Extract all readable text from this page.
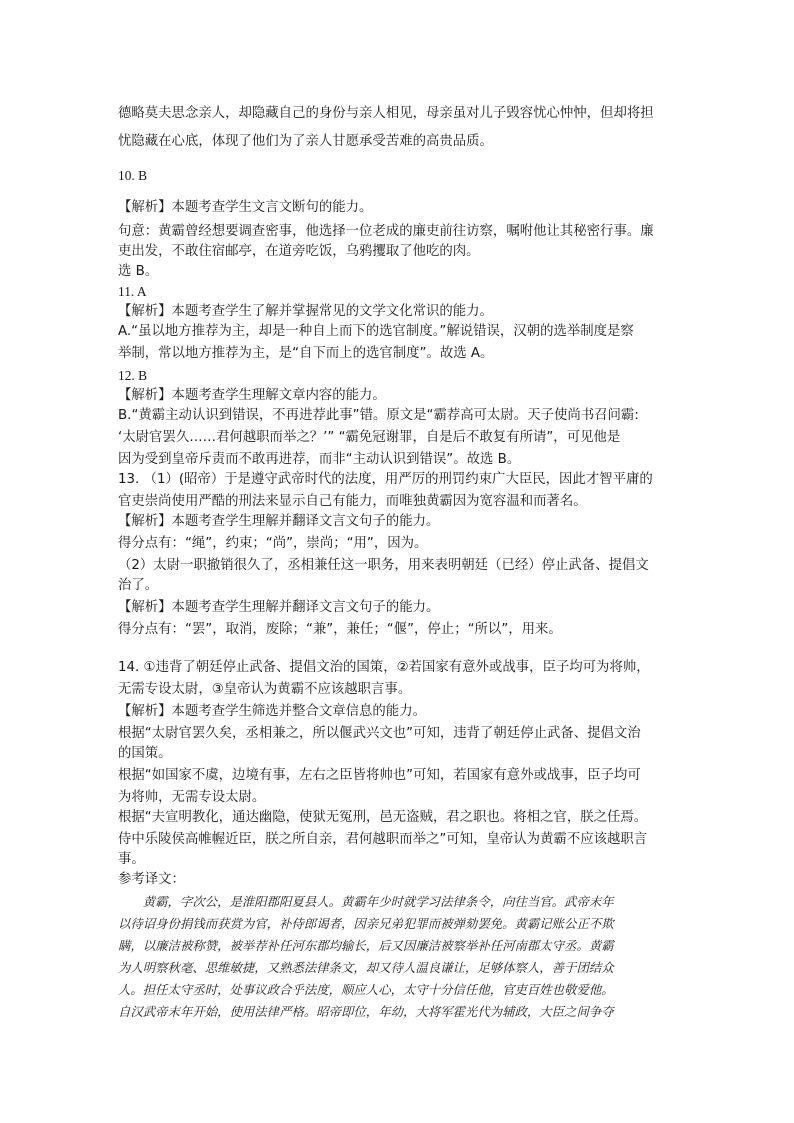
德略莫夫思念亲人，却隐藏自己的身份与亲人相见，母亲虽对儿子毁容忧心忡忡，但却将担
忧隐藏在心底，体现了他们为了亲人甘愿承受苦难的高贵品质。
10. B
【解析】本题考查学生文言文断句的能力。
句意：黄霸曾经想要调查密事，他选择一位老成的廉吏前往访察，嘱咐他让其秘密行事。廉
吏出发，不敢住宿邮亭，在道旁吃饭，乌鸦攫取了他吃的肉。
选 B。
11. A
【解析】本题考查学生了解并掌握常见的文学文化常识的能力。
A.“虽以地方推荐为主，却是一种自上而下的选官制度。”解说错误，汉朝的选举制度是察
举制，常以地方推荐为主，是“自下而上的选官制度”。故选 A。
12. B
【解析】本题考查学生理解文章内容的能力。
B.“黄霸主动认识到错误，不再进荐此事”错。原文是“霸荐高可太尉。天子使尚书召问霸:
‘太尉官罢久……君何越职而举之？’” “霸免冠谢罪，自是后不敢复有所请”，可见他是
因为受到皇帝斥责而不敢再进荐，而非“主动认识到错误”。故选 B。
13. （1）(昭帝）于是遵守武帝时代的法度，用严厉的刑罚约束广大臣民，因此才智平庸的
官吏崇尚使用严酷的刑法来显示自己有能力，而唯独黄霸因为宽容温和而著名。
【解析】本题考查学生理解并翻译文言文句子的能力。
得分点有：“绳”，约束；“尚”，崇尚；“用”，因为。
（2）太尉一职撤销很久了，丞相兼任这一职务，用来表明朝廷（已经）停止武备、提倡文
治了。
【解析】本题考查学生理解并翻译文言文句子的能力。
得分点有：“罢”，取消，废除；“兼”，兼任；“偃”，停止；“所以”，用来。
14. ①违背了朝廷停止武备、提倡文治的国策，②若国家有意外或战事，臣子均可为将帅，
无需专设太尉，③皇帝认为黄霸不应该越职言事。
【解析】本题考查学生筛选并整合文章信息的能力。
根据“太尉官罢久矣，丞相兼之，所以偃武兴文也”可知，违背了朝廷停止武备、提倡文治
的国策。
根据“如国家不虞，边境有事，左右之臣皆将帅也”可知，若国家有意外或战事，臣子均可
为将帅，无需专设太尉。
根据“夫宣明教化，通达幽隐，使狱无冤刑，邑无盗贼，君之职也。将相之官，朕之任焉。
侍中乐陵侯高帷幄近臣，朕之所自亲，君何越职而举之”可知，皇帝认为黄霸不应该越职言
事。
参考译文：
　　黄霸，字次公，是淮阳郡阳夏县人。黄霸年少时就学习法律条令，向往当官。武帝末年
以待诏身份捐钱而获赏为官，补侍郎谒者，因亲兄弟犯罪而被弹劾罢免。黄霸记账公正不欺
瞒，以廉洁被称赞，被举荐补任河东郡均输长，后又因廉洁被察举补任河南郡太守丞。黄霸
为人明察秋毫、思维敏捷，又熟悉法律条文，却又待人温良谦让，足够体察人，善于团结众
人。担任太守丞时，处事议政合乎法度，顺应人心，太守十分信任他，官吏百姓也敬爱他。
自汉武帝末年开始，使用法律严格。昭帝即位，年幼，大将军霍光代为辅政，大臣之间争夺
